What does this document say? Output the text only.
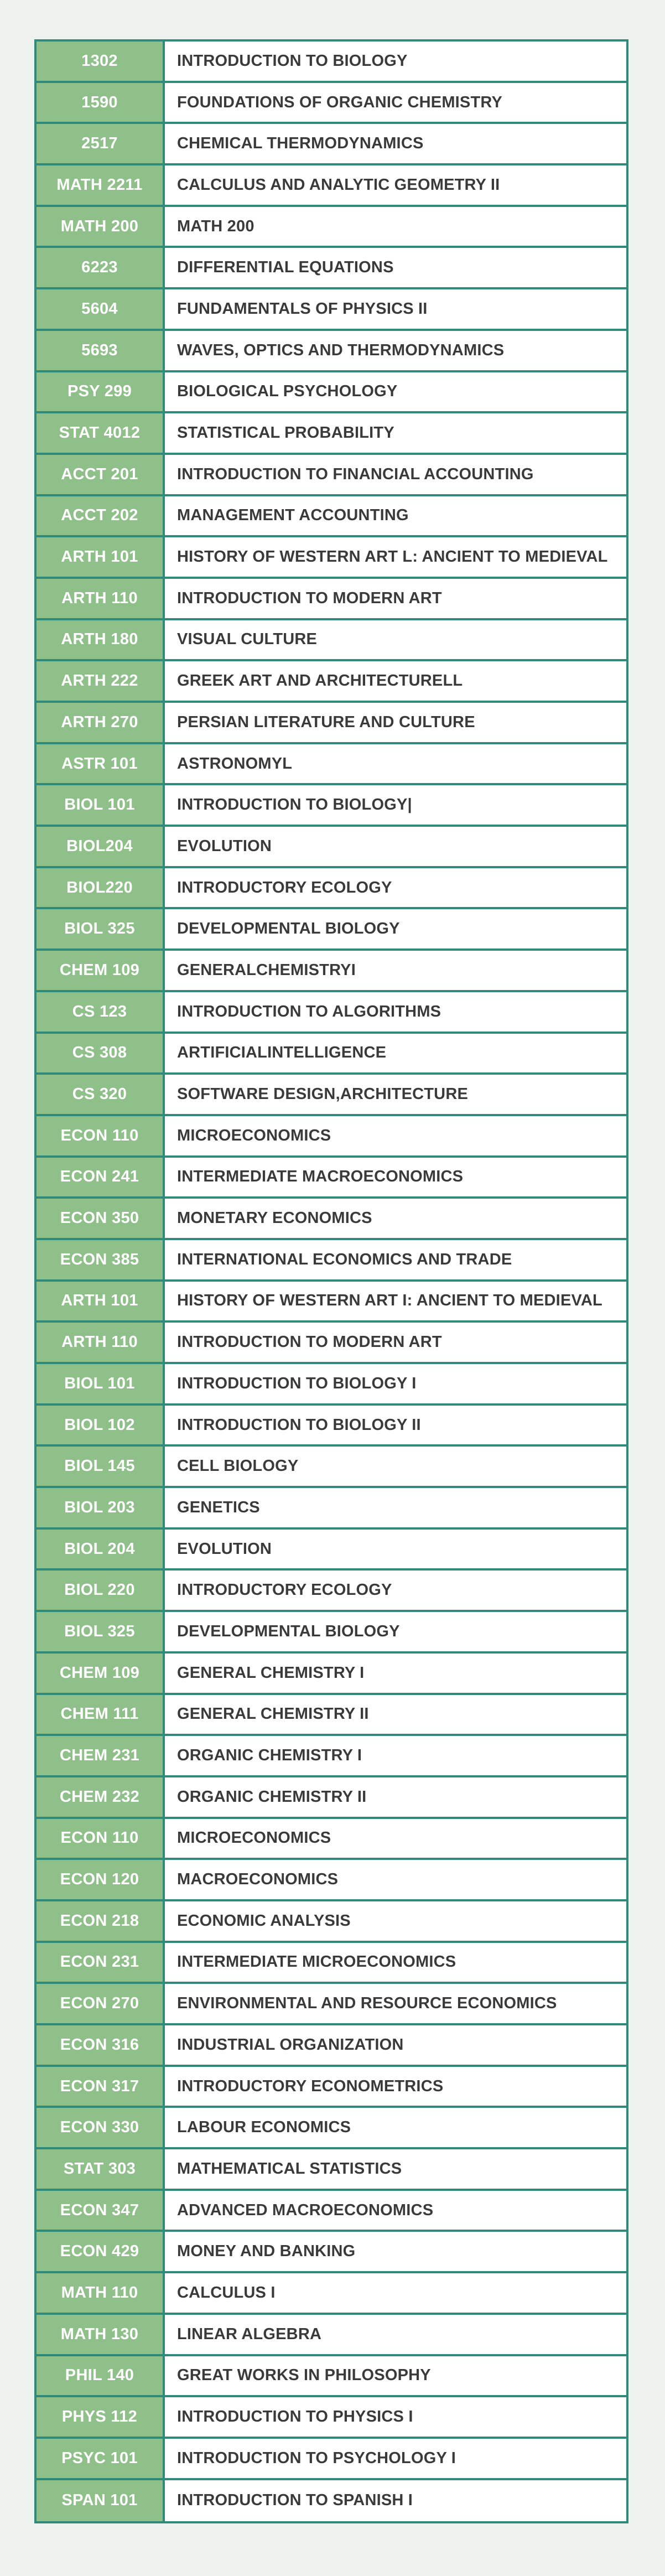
1302	INTRODUCTION TO BIOLOGY
1590	FOUNDATIONS OF ORGANIC CHEMISTRY
2517	CHEMICAL THERMODYNAMICS
MATH 2211	CALCULUS AND ANALYTIC GEOMETRY II
MATH 200	MATH 200
6223	DIFFERENTIAL EQUATIONS
5604	FUNDAMENTALS OF PHYSICS II
5693	WAVES, OPTICS AND THERMODYNAMICS
PSY 299	BIOLOGICAL PSYCHOLOGY
STAT 4012	STATISTICAL PROBABILITY
ACCT 201	INTRODUCTION TO FINANCIAL ACCOUNTING
ACCT 202	MANAGEMENT ACCOUNTING
ARTH 101	HISTORY OF WESTERN ART L: ANCIENT TO MEDIEVAL
ARTH 110	INTRODUCTION TO MODERN ART
ARTH 180	VISUAL CULTURE
ARTH 222	GREEK ART AND ARCHITECTURELL
ARTH 270	PERSIAN LITERATURE AND CULTURE
ASTR 101	ASTRONOMYL
BIOL 101	INTRODUCTION TO BIOLOGY|
BIOL204	EVOLUTION
BIOL220	INTRODUCTORY ECOLOGY
BIOL 325	DEVELOPMENTAL BIOLOGY
CHEM 109	GENERALCHEMISTRYI
CS 123	INTRODUCTION TO ALGORITHMS
CS 308	ARTIFICIALINTELLIGENCE
CS 320	SOFTWARE DESIGN,ARCHITECTURE
ECON 110	MICROECONOMICS
ECON 241	INTERMEDIATE MACROECONOMICS
ECON 350	MONETARY ECONOMICS
ECON 385	INTERNATIONAL ECONOMICS AND TRADE
ARTH 101	HISTORY OF WESTERN ART I: ANCIENT TO MEDIEVAL
ARTH 110	INTRODUCTION TO MODERN ART
BIOL 101	INTRODUCTION TO BIOLOGY I
BIOL 102	INTRODUCTION TO BIOLOGY II
BIOL 145	CELL BIOLOGY
BIOL 203	GENETICS
BIOL 204	EVOLUTION
BIOL 220	INTRODUCTORY ECOLOGY
BIOL 325	DEVELOPMENTAL BIOLOGY
CHEM 109	GENERAL CHEMISTRY I
CHEM 111	GENERAL CHEMISTRY II
CHEM 231	ORGANIC CHEMISTRY I
CHEM 232	ORGANIC CHEMISTRY II
ECON 110	MICROECONOMICS
ECON 120	MACROECONOMICS
ECON 218	ECONOMIC ANALYSIS
ECON 231	INTERMEDIATE MICROECONOMICS
ECON 270	ENVIRONMENTAL AND RESOURCE ECONOMICS
ECON 316	INDUSTRIAL ORGANIZATION
ECON 317	INTRODUCTORY ECONOMETRICS
ECON 330	LABOUR ECONOMICS
STAT 303	MATHEMATICAL STATISTICS
ECON 347	ADVANCED MACROECONOMICS
ECON 429	MONEY AND BANKING
MATH 110	CALCULUS I
MATH 130	LINEAR ALGEBRA
PHIL 140	GREAT WORKS IN PHILOSOPHY
PHYS 112	INTRODUCTION TO PHYSICS I
PSYC 101	INTRODUCTION TO PSYCHOLOGY I
SPAN 101	INTRODUCTION TO SPANISH I
